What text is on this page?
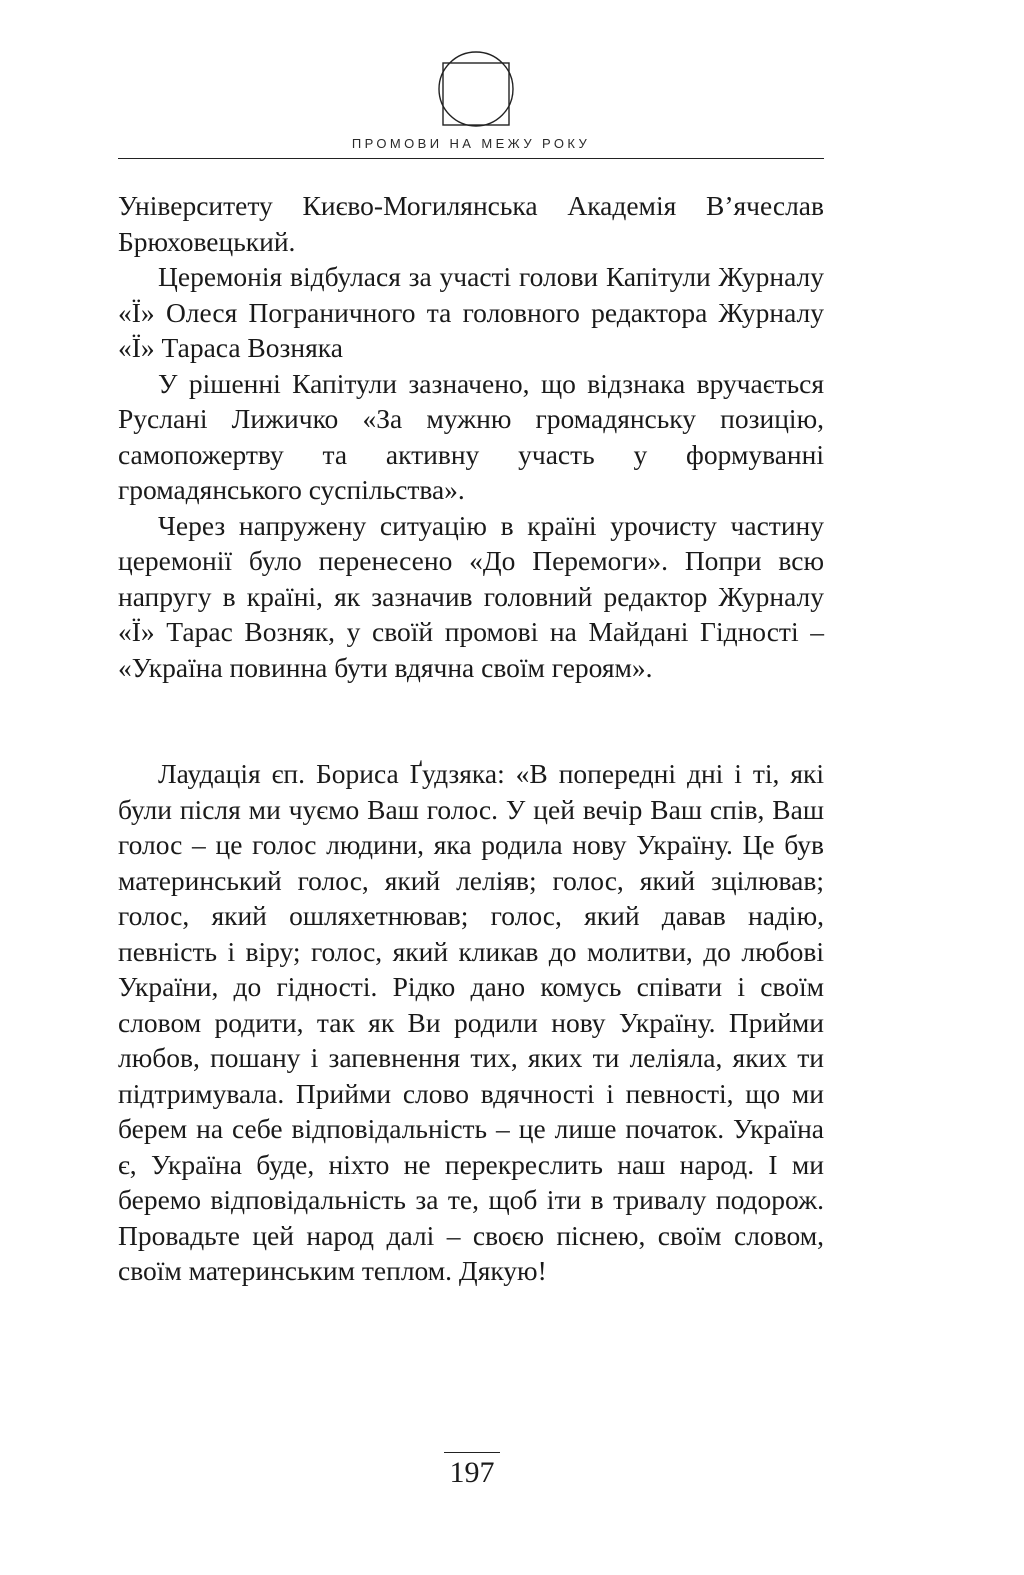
ПРОМОВИ НА МЕЖУ РОКУ

Університету Києво-Могилянська Академія В’ячеслав Брюховецький.

Церемонія відбулася за участі голови Капітули Журналу «Ї» Олеся Пограничного та головного редактора Журналу «Ї» Тараса Возняка

У рішенні Капітули зазначено, що відзнака вручається Руслані Лижичко «За мужню громадянську позицію, самопожертву та активну участь у формуванні громадянського суспільства».

Через напружену ситуацію в країні урочисту частину церемонії було перенесено «До Перемоги». Попри всю напругу в країні, як зазначив головний редактор Журналу «Ї» Тарас Возняк, у своїй промові на Майдані Гідності – «Україна повинна бути вдячна своїм героям».

Лаудація єп. Бориса Ґудзяка: «В попередні дні і ті, які були після ми чуємо Ваш голос. У цей вечір Ваш спів, Ваш голос – це голос людини, яка родила нову Україну. Це був материнський голос, який леліяв; голос, який зцілював; голос, який ошляхетнював; голос, який давав надію, певність і віру; голос, який кликав до молитви, до любові України, до гідності. Рідко дано комусь співати і своїм словом родити, так як Ви родили нову Україну. Прийми любов, пошану і запевнення тих, яких ти леліяла, яких ти підтримувала. Прийми слово вдячності і певності, що ми берем на себе відповідальність – це лише початок. Україна є, Україна буде, ніхто не перекреслить наш народ. І ми беремо відповідальність за те, щоб іти в тривалу подорож. Провадьте цей народ далі – своєю піснею, своїм словом, своїм материнським теплом. Дякую!

197
